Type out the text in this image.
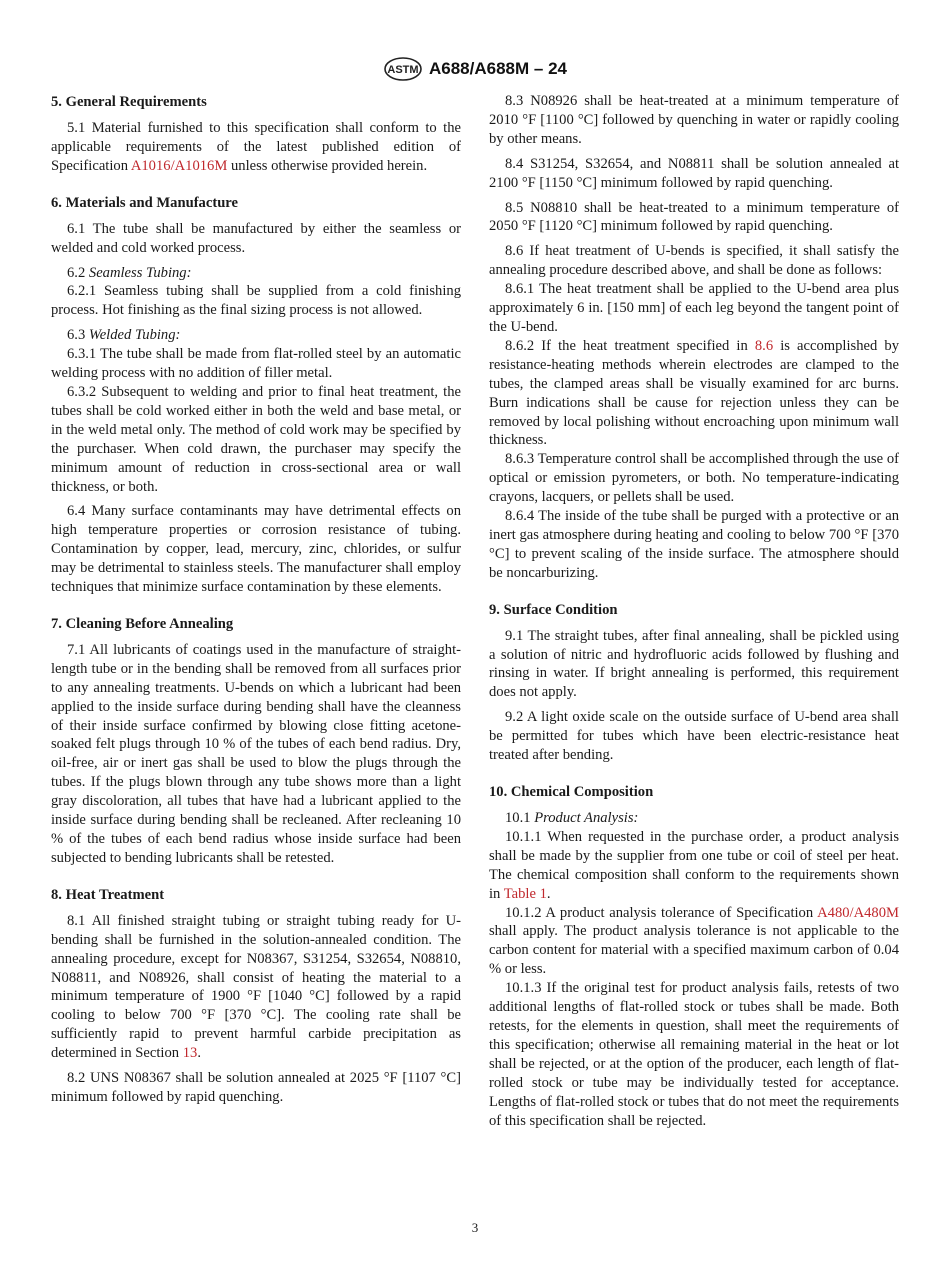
ASTM A688/A688M – 24
5. General Requirements

5.1 Material furnished to this specification shall conform to the applicable requirements of the latest published edition of Specification A1016/A1016M unless otherwise provided herein.

6. Materials and Manufacture

6.1 The tube shall be manufactured by either the seamless or welded and cold worked process.

6.2 Seamless Tubing:

6.2.1 Seamless tubing shall be supplied from a cold finishing process. Hot finishing as the final sizing process is not allowed.

6.3 Welded Tubing:

6.3.1 The tube shall be made from flat-rolled steel by an automatic welding process with no addition of filler metal.

6.3.2 Subsequent to welding and prior to final heat treatment, the tubes shall be cold worked either in both the weld and base metal, or in the weld metal only. The method of cold work may be specified by the purchaser. When cold drawn, the purchaser may specify the minimum amount of reduction in cross-sectional area or wall thickness, or both.

6.4 Many surface contaminants may have detrimental effects on high temperature properties or corrosion resistance of tubing. Contamination by copper, lead, mercury, zinc, chlorides, or sulfur may be detrimental to stainless steels. The manufacturer shall employ techniques that minimize surface contamination by these elements.

7. Cleaning Before Annealing

7.1 All lubricants of coatings used in the manufacture of straight-length tube or in the bending shall be removed from all surfaces prior to any annealing treatments. U-bends on which a lubricant had been applied to the inside surface during bending shall have the cleanness of their inside surface confirmed by blowing close fitting acetone-soaked felt plugs through 10 % of the tubes of each bend radius. Dry, oil-free, air or inert gas shall be used to blow the plugs through the tubes. If the plugs blown through any tube shows more than a light gray discoloration, all tubes that have had a lubricant applied to the inside surface during bending shall be recleaned. After recleaning 10 % of the tubes of each bend radius whose inside surface had been subjected to bending lubricants shall be retested.

8. Heat Treatment

8.1 All finished straight tubing or straight tubing ready for U-bending shall be furnished in the solution-annealed condition. The annealing procedure, except for N08367, S31254, S32654, N08810, N08811, and N08926, shall consist of heating the material to a minimum temperature of 1900 °F [1040 °C] followed by a rapid cooling to below 700 °F [370 °C]. The cooling rate shall be sufficiently rapid to prevent harmful carbide precipitation as determined in Section 13.

8.2 UNS N08367 shall be solution annealed at 2025 °F [1107 °C] minimum followed by rapid quenching.

8.3 N08926 shall be heat-treated at a minimum temperature of 2010 °F [1100 °C] followed by quenching in water or rapidly cooling by other means.

8.4 S31254, S32654, and N08811 shall be solution annealed at 2100 °F [1150 °C] minimum followed by rapid quenching.

8.5 N08810 shall be heat-treated to a minimum temperature of 2050 °F [1120 °C] minimum followed by rapid quenching.

8.6 If heat treatment of U-bends is specified, it shall satisfy the annealing procedure described above, and shall be done as follows:

8.6.1 The heat treatment shall be applied to the U-bend area plus approximately 6 in. [150 mm] of each leg beyond the tangent point of the U-bend.

8.6.2 If the heat treatment specified in 8.6 is accomplished by resistance-heating methods wherein electrodes are clamped to the tubes, the clamped areas shall be visually examined for arc burns. Burn indications shall be cause for rejection unless they can be removed by local polishing without encroaching upon minimum wall thickness.

8.6.3 Temperature control shall be accomplished through the use of optical or emission pyrometers, or both. No temperature-indicating crayons, lacquers, or pellets shall be used.

8.6.4 The inside of the tube shall be purged with a protective or an inert gas atmosphere during heating and cooling to below 700 °F [370 °C] to prevent scaling of the inside surface. The atmosphere should be noncarburizing.

9. Surface Condition

9.1 The straight tubes, after final annealing, shall be pickled using a solution of nitric and hydrofluoric acids followed by flushing and rinsing in water. If bright annealing is performed, this requirement does not apply.

9.2 A light oxide scale on the outside surface of U-bend area shall be permitted for tubes which have been electric-resistance heat treated after bending.

10. Chemical Composition

10.1 Product Analysis:

10.1.1 When requested in the purchase order, a product analysis shall be made by the supplier from one tube or coil of steel per heat. The chemical composition shall conform to the requirements shown in Table 1.

10.1.2 A product analysis tolerance of Specification A480/A480M shall apply. The product analysis tolerance is not applicable to the carbon content for material with a specified maximum carbon of 0.04 % or less.

10.1.3 If the original test for product analysis fails, retests of two additional lengths of flat-rolled stock or tubes shall be made. Both retests, for the elements in question, shall meet the requirements of this specification; otherwise all remaining material in the heat or lot shall be rejected, or at the option of the producer, each length of flat-rolled stock or tube may be individually tested for acceptance. Lengths of flat-rolled stock or tubes that do not meet the requirements of this specification shall be rejected.

3
